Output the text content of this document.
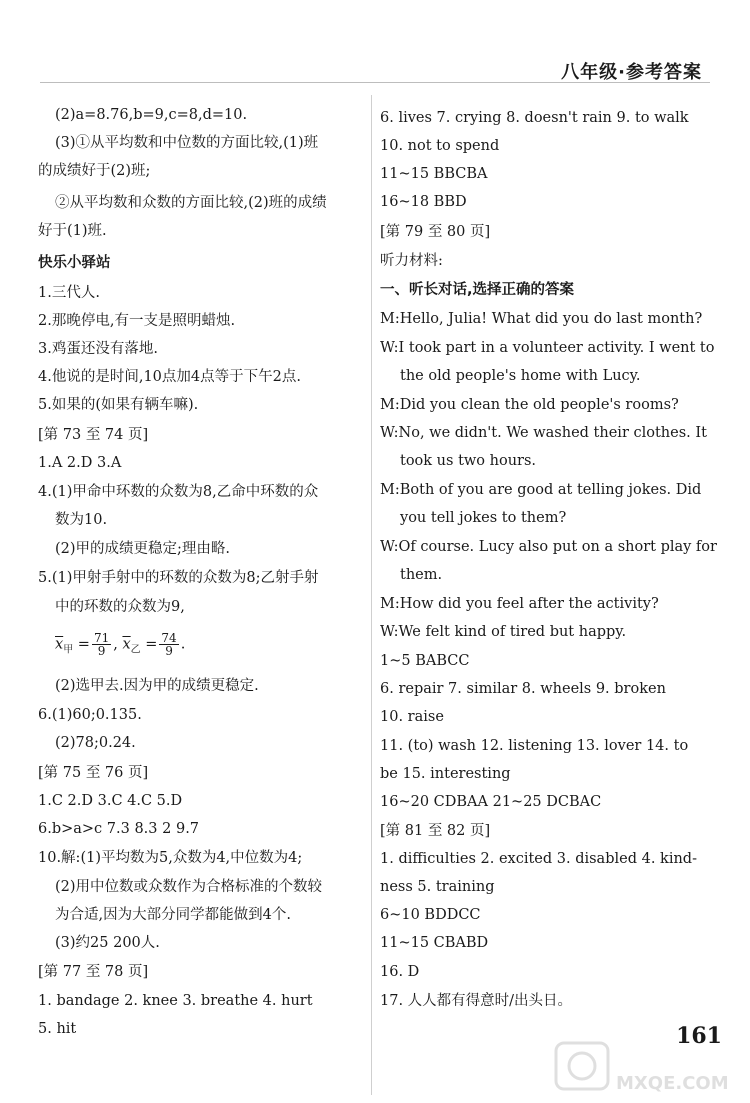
八年级·参考答案
(2)a=8.76,b=9,c=8,d=10.
(3)①从平均数和中位数的方面比较,(1)班
的成绩好于(2)班;
②从平均数和众数的方面比较,(2)班的成绩
好于(1)班.
快乐小驿站
1.三代人.
2.那晚停电,有一支是照明蜡烛.
3.鸡蛋还没有落地.
4.他说的是时间,10点加4点等于下午2点.
5.如果的(如果有辆车嘛).
[第 73 至 74 页]
1.A 2.D 3.A
4.(1)甲命中环数的众数为8,乙命中环数的众
数为10.
(2)甲的成绩更稳定;理由略.
5.(1)甲射手射中的环数的众数为8;乙射手射
中的环数的众数为9,
$\overline{x}_甲 = \frac{71}{9}$ , $\overline{x}_乙 = \frac{74}{9}$ .
(2)选甲去.因为甲的成绩更稳定.
6.(1)60;0.135.
(2)78;0.24.
[第 75 至 76 页]
1.C 2.D 3.C 4.C 5.D
6.b>a>c 7.3 8.3 2 9.7
10.解:(1)平均数为5,众数为4,中位数为4;
(2)用中位数或众数作为合格标准的个数较
为合适,因为大部分同学都能做到4个.
(3)约25 200人.
[第 77 至 78 页]
1. bandage 2. knee 3. breathe 4. hurt
5. hit
6. lives 7. crying 8. doesn't rain 9. to walk
10. not to spend
11~15 BBCBA
16~18 BBD
[第 79 至 80 页]
听力材料:
一、听长对话,选择正确的答案
M:Hello, Julia! What did you do last month?
W:I took part in a volunteer activity. I went to
the old people's home with Lucy.
M:Did you clean the old people's rooms?
W:No, we didn't. We washed their clothes. It
took us two hours.
M:Both of you are good at telling jokes. Did
you tell jokes to them?
W:Of course. Lucy also put on a short play for
them.
M:How did you feel after the activity?
W:We felt kind of tired but happy.
1~5 BABCC
6. repair 7. similar 8. wheels 9. broken
10. raise
11. (to) wash 12. listening 13. lover 14. to
be 15. interesting
16~20 CDBAA 21~25 DCBAC
[第 81 至 82 页]
1. difficulties 2. excited 3. disabled 4. kind-
ness 5. training
6~10 BDDCC
11~15 CBABD
16. D
17. 人人都有得意时/出头日。
161
MXQE.COM
